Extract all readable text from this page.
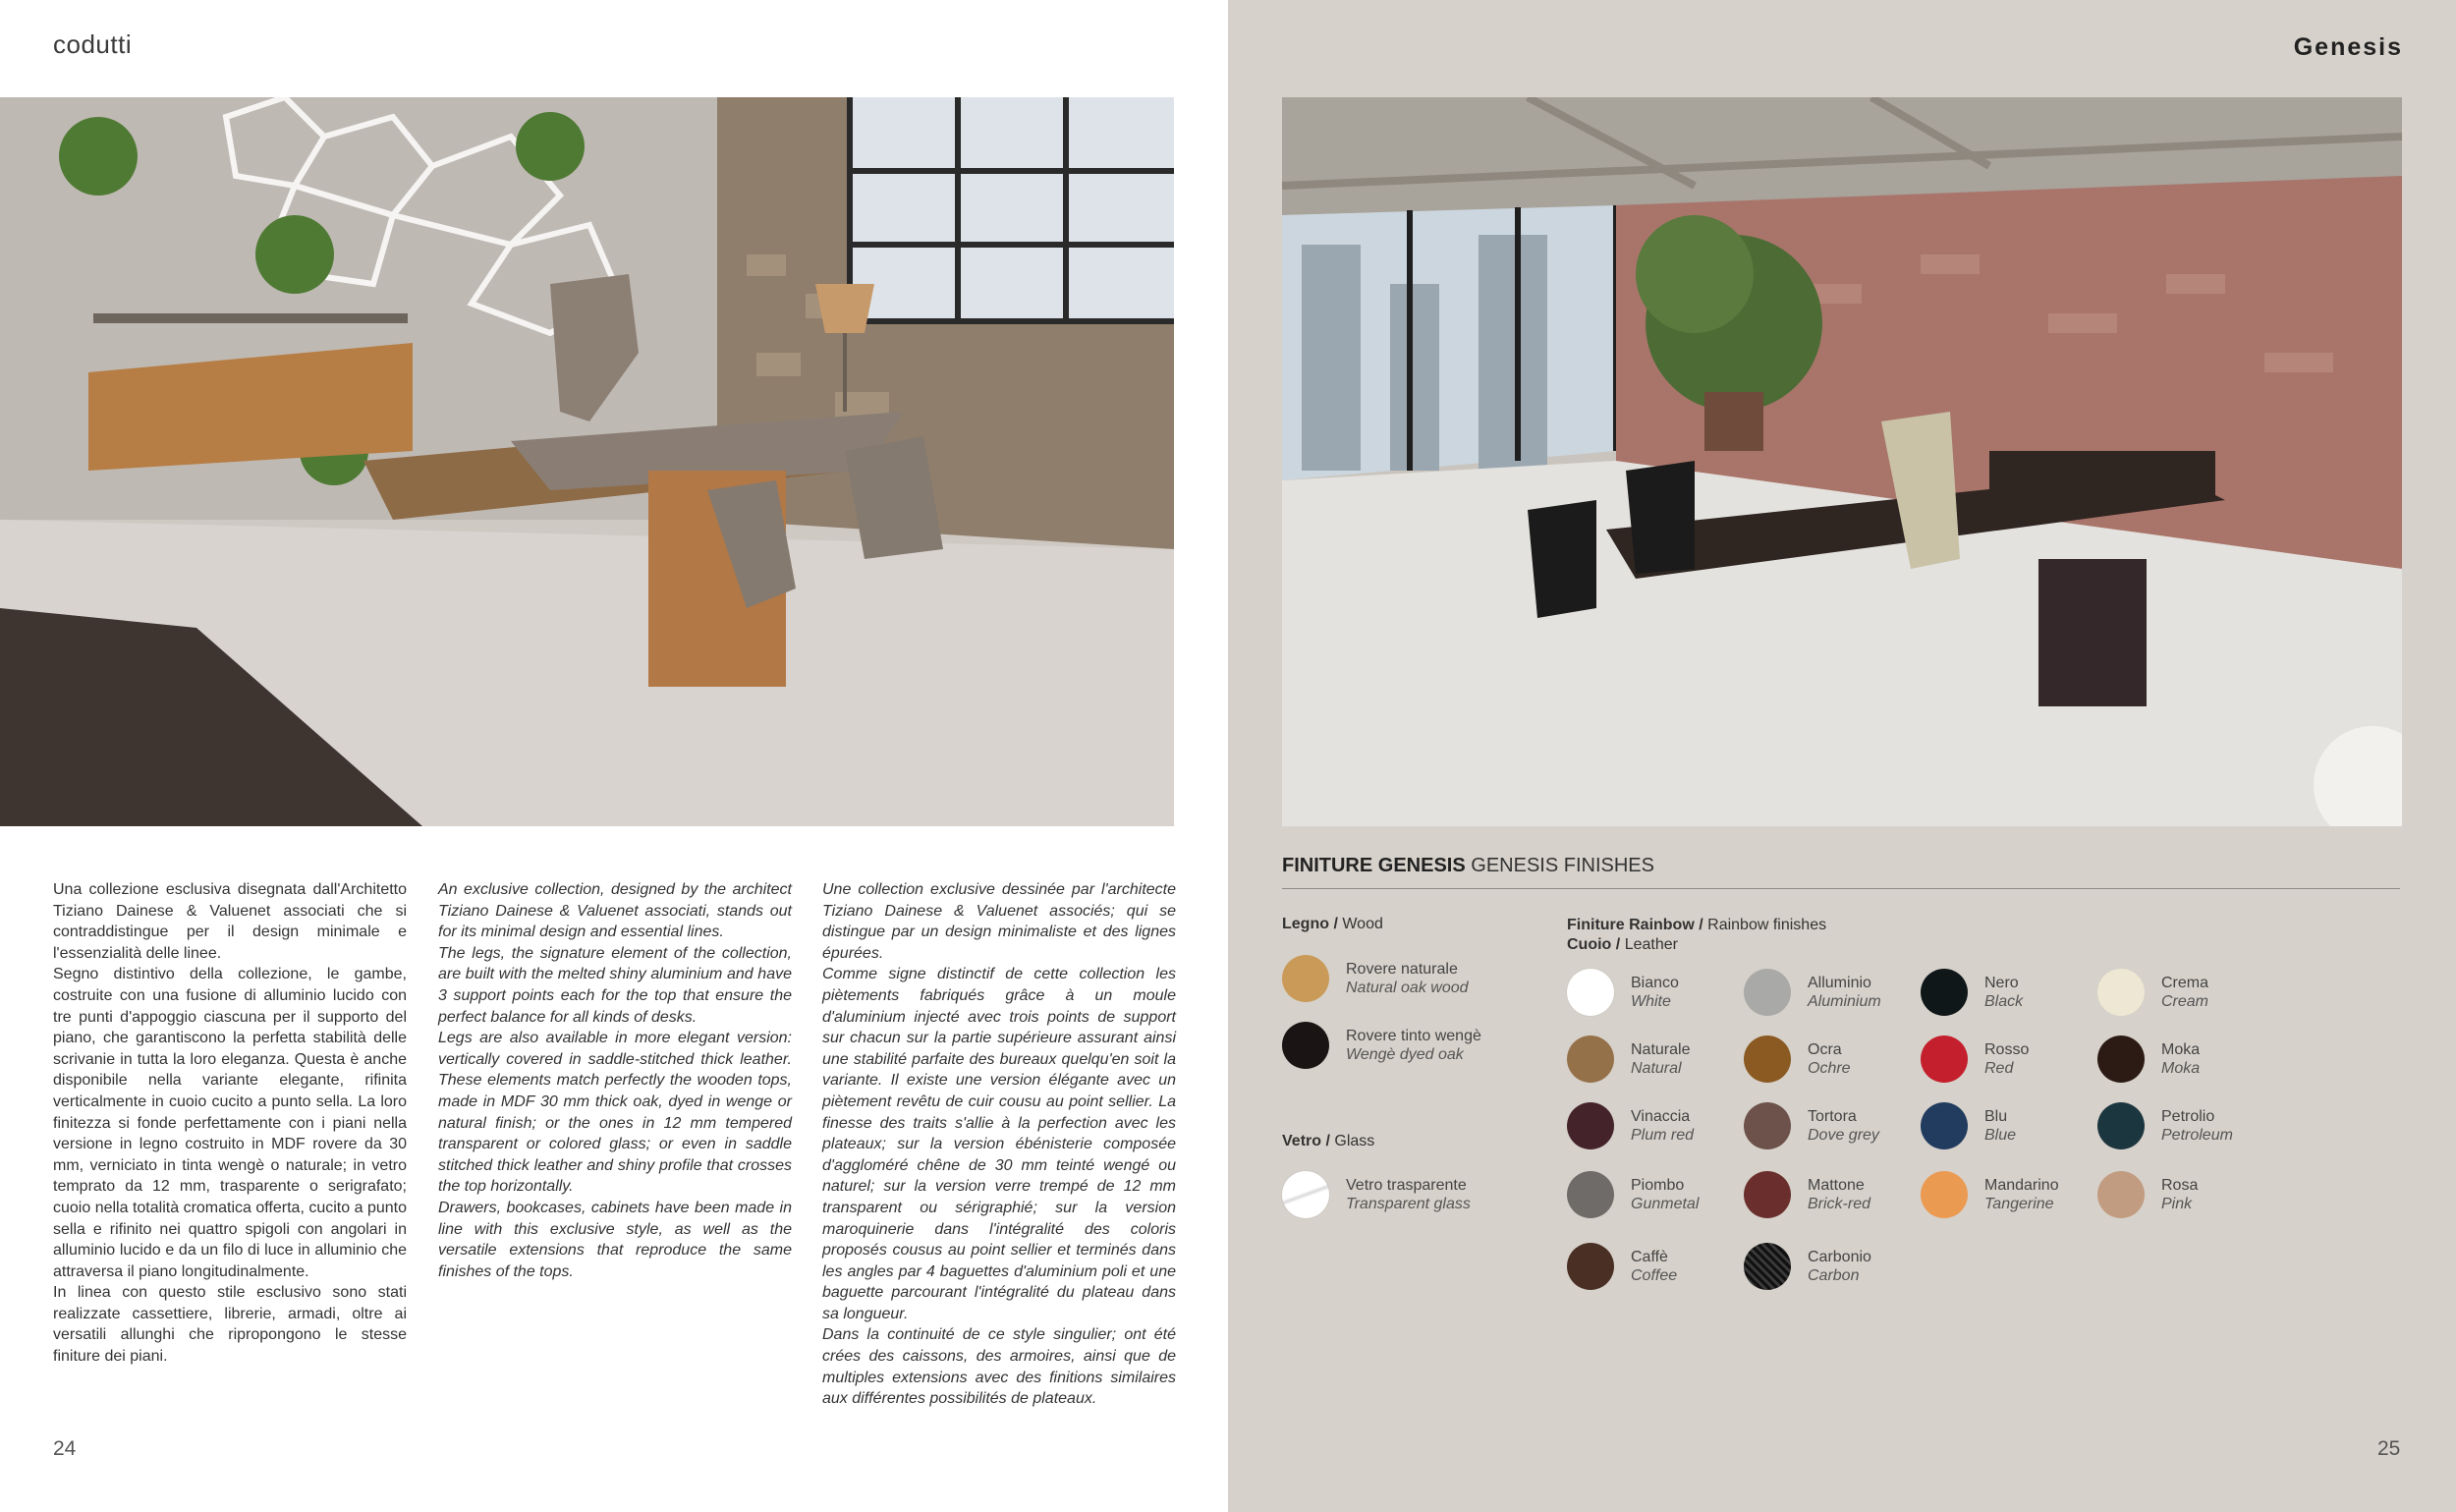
codutti

Una collezione esclusiva disegnata dall'Architetto Tiziano Dainese & Valuenet associati che si contraddistingue per il design minimale e l'essenzialità delle linee.

Segno distintivo della collezione, le gambe, costruite con una fusione di alluminio lucido con tre punti d'appoggio ciascuna per il supporto del piano, che garantiscono la perfetta stabilità delle scrivanie in tutta la loro eleganza. Questa è anche disponibile nella variante elegante, rifinita verticalmente in cuoio cucito a punto sella. La loro finitezza si fonde perfettamente con i piani nella versione in legno costruito in MDF rovere da 30 mm, verniciato in tinta wengè o naturale; in vetro temprato da 12 mm, trasparente o serigrafato; cuoio nella totalità cromatica offerta, cucito a punto sella e rifinito nei quattro spigoli con angolari in alluminio lucido e da un filo di luce in alluminio che attraversa il piano longitudinalmente.

In linea con questo stile esclusivo sono stati realizzate cassettiere, librerie, armadi, oltre ai versatili allunghi che ripropongono le stesse finiture dei piani.

An exclusive collection, designed by the architect Tiziano Dainese & Valuenet associati, stands out for its minimal design and essential lines.

The legs, the signature element of the collection, are built with the melted shiny aluminium and have 3 support points each for the top that ensure the perfect balance for all kinds of desks.

Legs are also available in more elegant version: vertically covered in saddle-stitched thick leather. These elements match perfectly the wooden tops, made in MDF 30 mm thick oak, dyed in wenge or natural finish; or the ones in 12 mm tempered transparent or colored glass; or even in saddle stitched thick leather and shiny profile that crosses the top horizontally.

Drawers, bookcases, cabinets have been made in line with this exclusive style, as well as the versatile extensions that reproduce the same finishes of the tops.

Une collection exclusive dessinée par l'architecte Tiziano Dainese & Valuenet associés; qui se distingue par un design minimaliste et des lignes épurées.

Comme signe distinctif de cette collection les piètements fabriqués grâce à un moule d'aluminium injecté avec trois points de support sur chacun sur la partie supérieure assurant ainsi une stabilité parfaite des bureaux quelqu'en soit la variante. Il existe une version élégante avec un piètement revêtu de cuir cousu au point sellier. La finesse des traits s'allie à la perfection avec les plateaux; sur la version ébénisterie composée d'aggloméré chêne de 30 mm teinté wengé ou naturel; sur la version verre trempé de 12 mm transparent ou sérigraphié; sur la version maroquinerie dans l'intégralité des coloris proposés cousus au point sellier et terminés dans les angles par 4 baguettes d'aluminium poli et une baguette parcourant l'intégralité du plateau dans sa longueur.

Dans la continuité de ce style singulier; ont été crées des caissons, des armoires, ainsi que de multiples extensions avec des finitions similaires aux différentes possibilités de plateaux.

24
Genesis
FINITURE GENESIS GENESIS FINISHES
Legno / Wood
Rovere naturale
Natural oak wood
Rovere tinto wengè
Wengè dyed oak
Vetro / Glass
Vetro trasparente
Transparent glass
Finiture Rainbow / Rainbow finishes
Cuoio / Leather
Bianco
White
Alluminio
Aluminium
Nero
Black
Crema
Cream
Naturale
Natural
Ocra
Ochre
Rosso
Red
Moka
Moka
Vinaccia
Plum red
Tortora
Dove grey
Blu
Blue
Petrolio
Petroleum
Piombo
Gunmetal
Mattone
Brick-red
Mandarino
Tangerine
Rosa
Pink
Caffè
Coffee
Carbonio
Carbon
25
